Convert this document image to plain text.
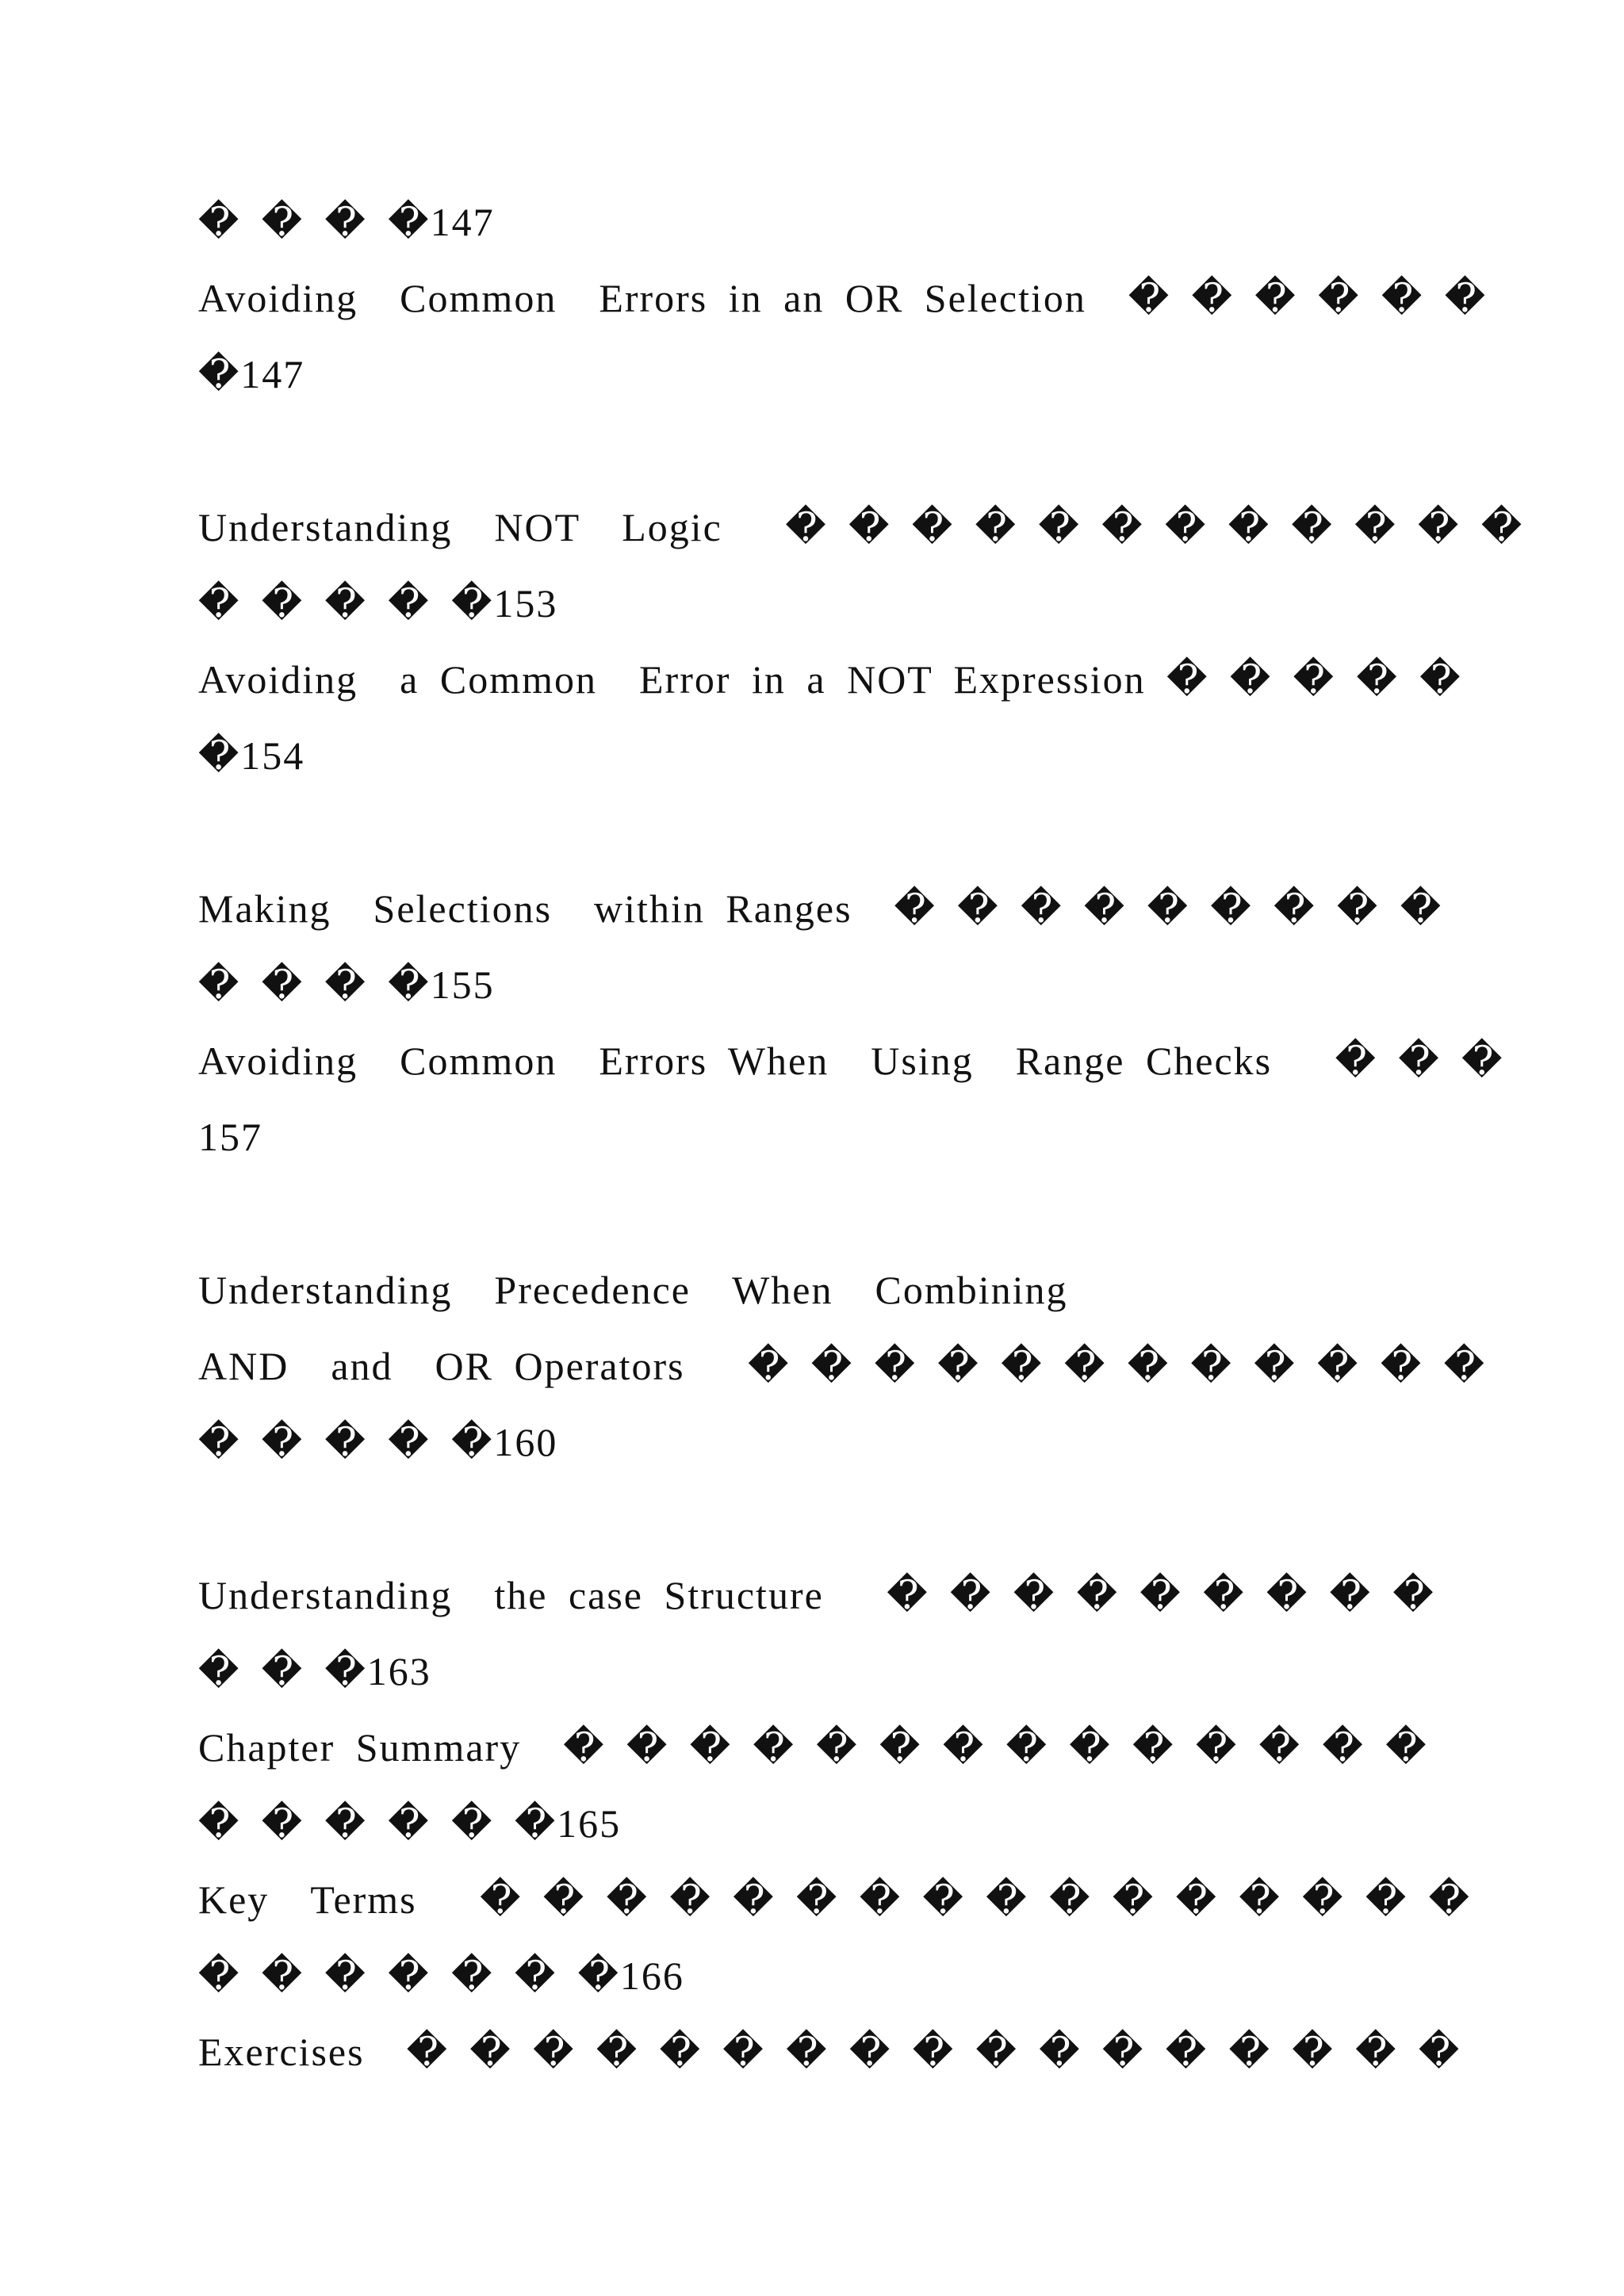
� � � �147
Avoiding  Common  Errors in an OR Selection  � � � � � �
�147
Understanding  NOT  Logic   � � � � � � � � � � � �
� � � � �153
Avoiding  a Common  Error in a NOT Expression � � � � �
�154
Making  Selections  within Ranges  � � � � � � � � �
� � � �155
Avoiding  Common  Errors When  Using  Range Checks   � � �
157
Understanding  Precedence  When  Combining
AND  and  OR Operators   � � � � � � � � � � � �
� � � � �160
Understanding  the case Structure   � � � � � � � � �
� � �163
Chapter Summary  � � � � � � � � � � � � � �
� � � � � �165
Key  Terms   � � � � � � � � � � � � � � � �
� � � � � � �166
Exercises  � � � � � � � � � � � � � � � � �
